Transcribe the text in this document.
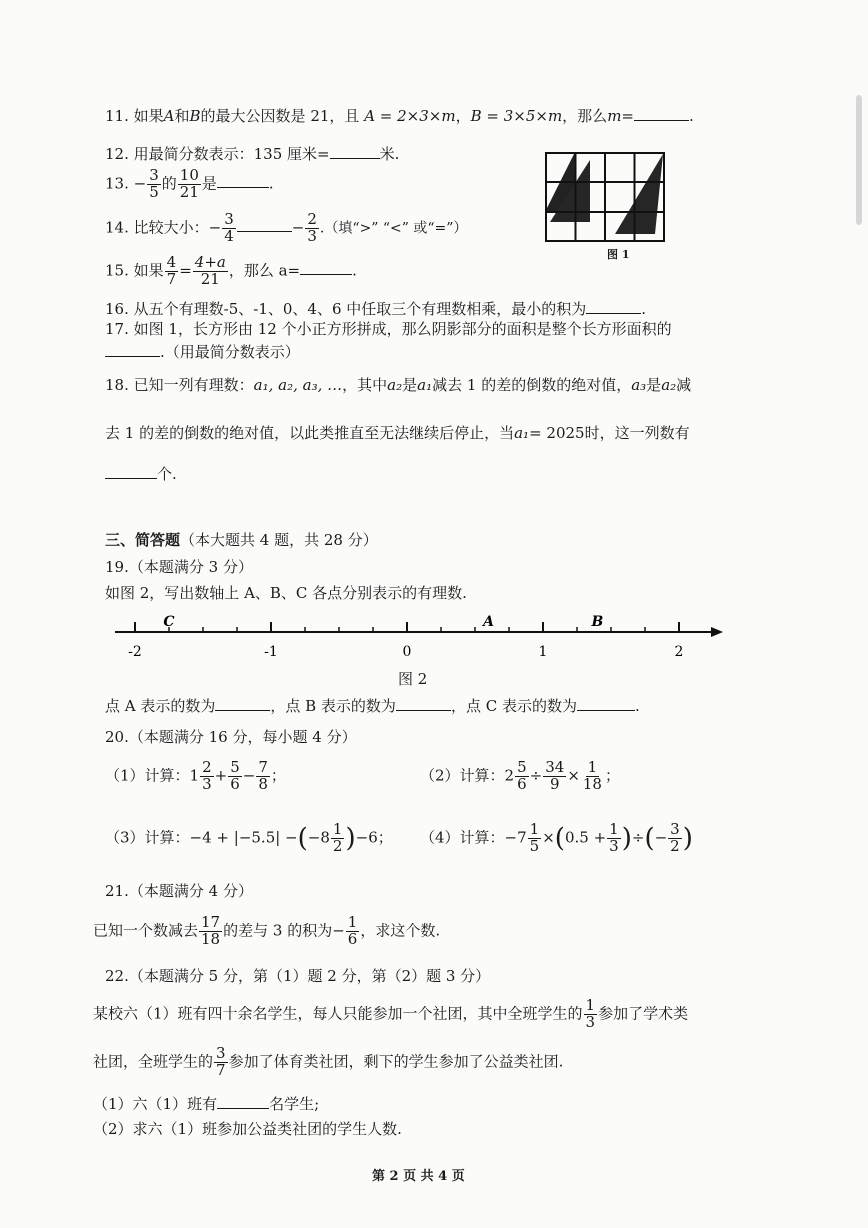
11. 如果A和B的最大公因数是 21，且 A = 2×3×m，B = 3×5×m，那么m=	.
12. 用最简分数表示：135 厘米=	米.
13. − $\frac{3}{5}$ 的 $\frac{10}{21}$ 是	.
14. 比较大小：− $\frac{3}{4}$	− $\frac{2}{3}$ .（填“>” “<” 或“=”）
15. 如果 $\frac{4}{7} = \frac{4+a}{21}$ ，那么 a=	.
图 1
16. 从五个有理数-5、-1、0、4、6 中任取三个有理数相乘，最小的积为	.
17. 如图 1，长方形由 12 个小正方形拼成，那么阴影部分的面积是整个长方形面积的
.（用最简分数表示）
18. 已知一列有理数：a₁, a₂, a₃, …，其中a₂是a₁减去 1 的差的倒数的绝对值，a₃是a₂减
去 1 的差的倒数的绝对值，以此类推直至无法继续后停止，当a₁= 2025时，这一列数有
个.
三、简答题（本大题共 4 题，共 28 分）
19.（本题满分 3 分）
如图 2，写出数轴上 A、B、C 各点分别表示的有理数.
-2	-1	0	1	2
C	A	B
图 2
点 A 表示的数为	，点 B 表示的数为	，点 C 表示的数为	.
20.（本题满分 16 分，每小题 4 分）
（1）计算：$1 \frac{2}{3} + \frac{5}{6} - \frac{7}{8}$ ；	（2）计算：$2 \frac{5}{6} \div \frac{34}{9} \times \frac{1}{18}$ ；
（3）计算：$-4 + |-5.5| -(-8 \frac{1}{2} )-6$； （4）计算：$-7 \frac{1}{5} \times(0.5 + \frac{1}{3}$ )÷(− $\frac{3}{2}$ )
21.（本题满分 4 分）
已知一个数减去 $\frac{17}{18}$ 的差与 3 的积为− $\frac{1}{6}$ ，求这个数.
22.（本题满分 5 分，第（1）题 2 分，第（2）题 3 分）
某校六（1）班有四十余名学生，每人只能参加一个社团，其中全班学生的 $\frac{1}{3}$ 参加了学术类
社团，全班学生的 $\frac{3}{7}$ 参加了体育类社团，剩下的学生参加了公益类社团.
（1）六（1）班有	名学生;
（2）求六（1）班参加公益类社团的学生人数.
第 2 页 共 4 页
